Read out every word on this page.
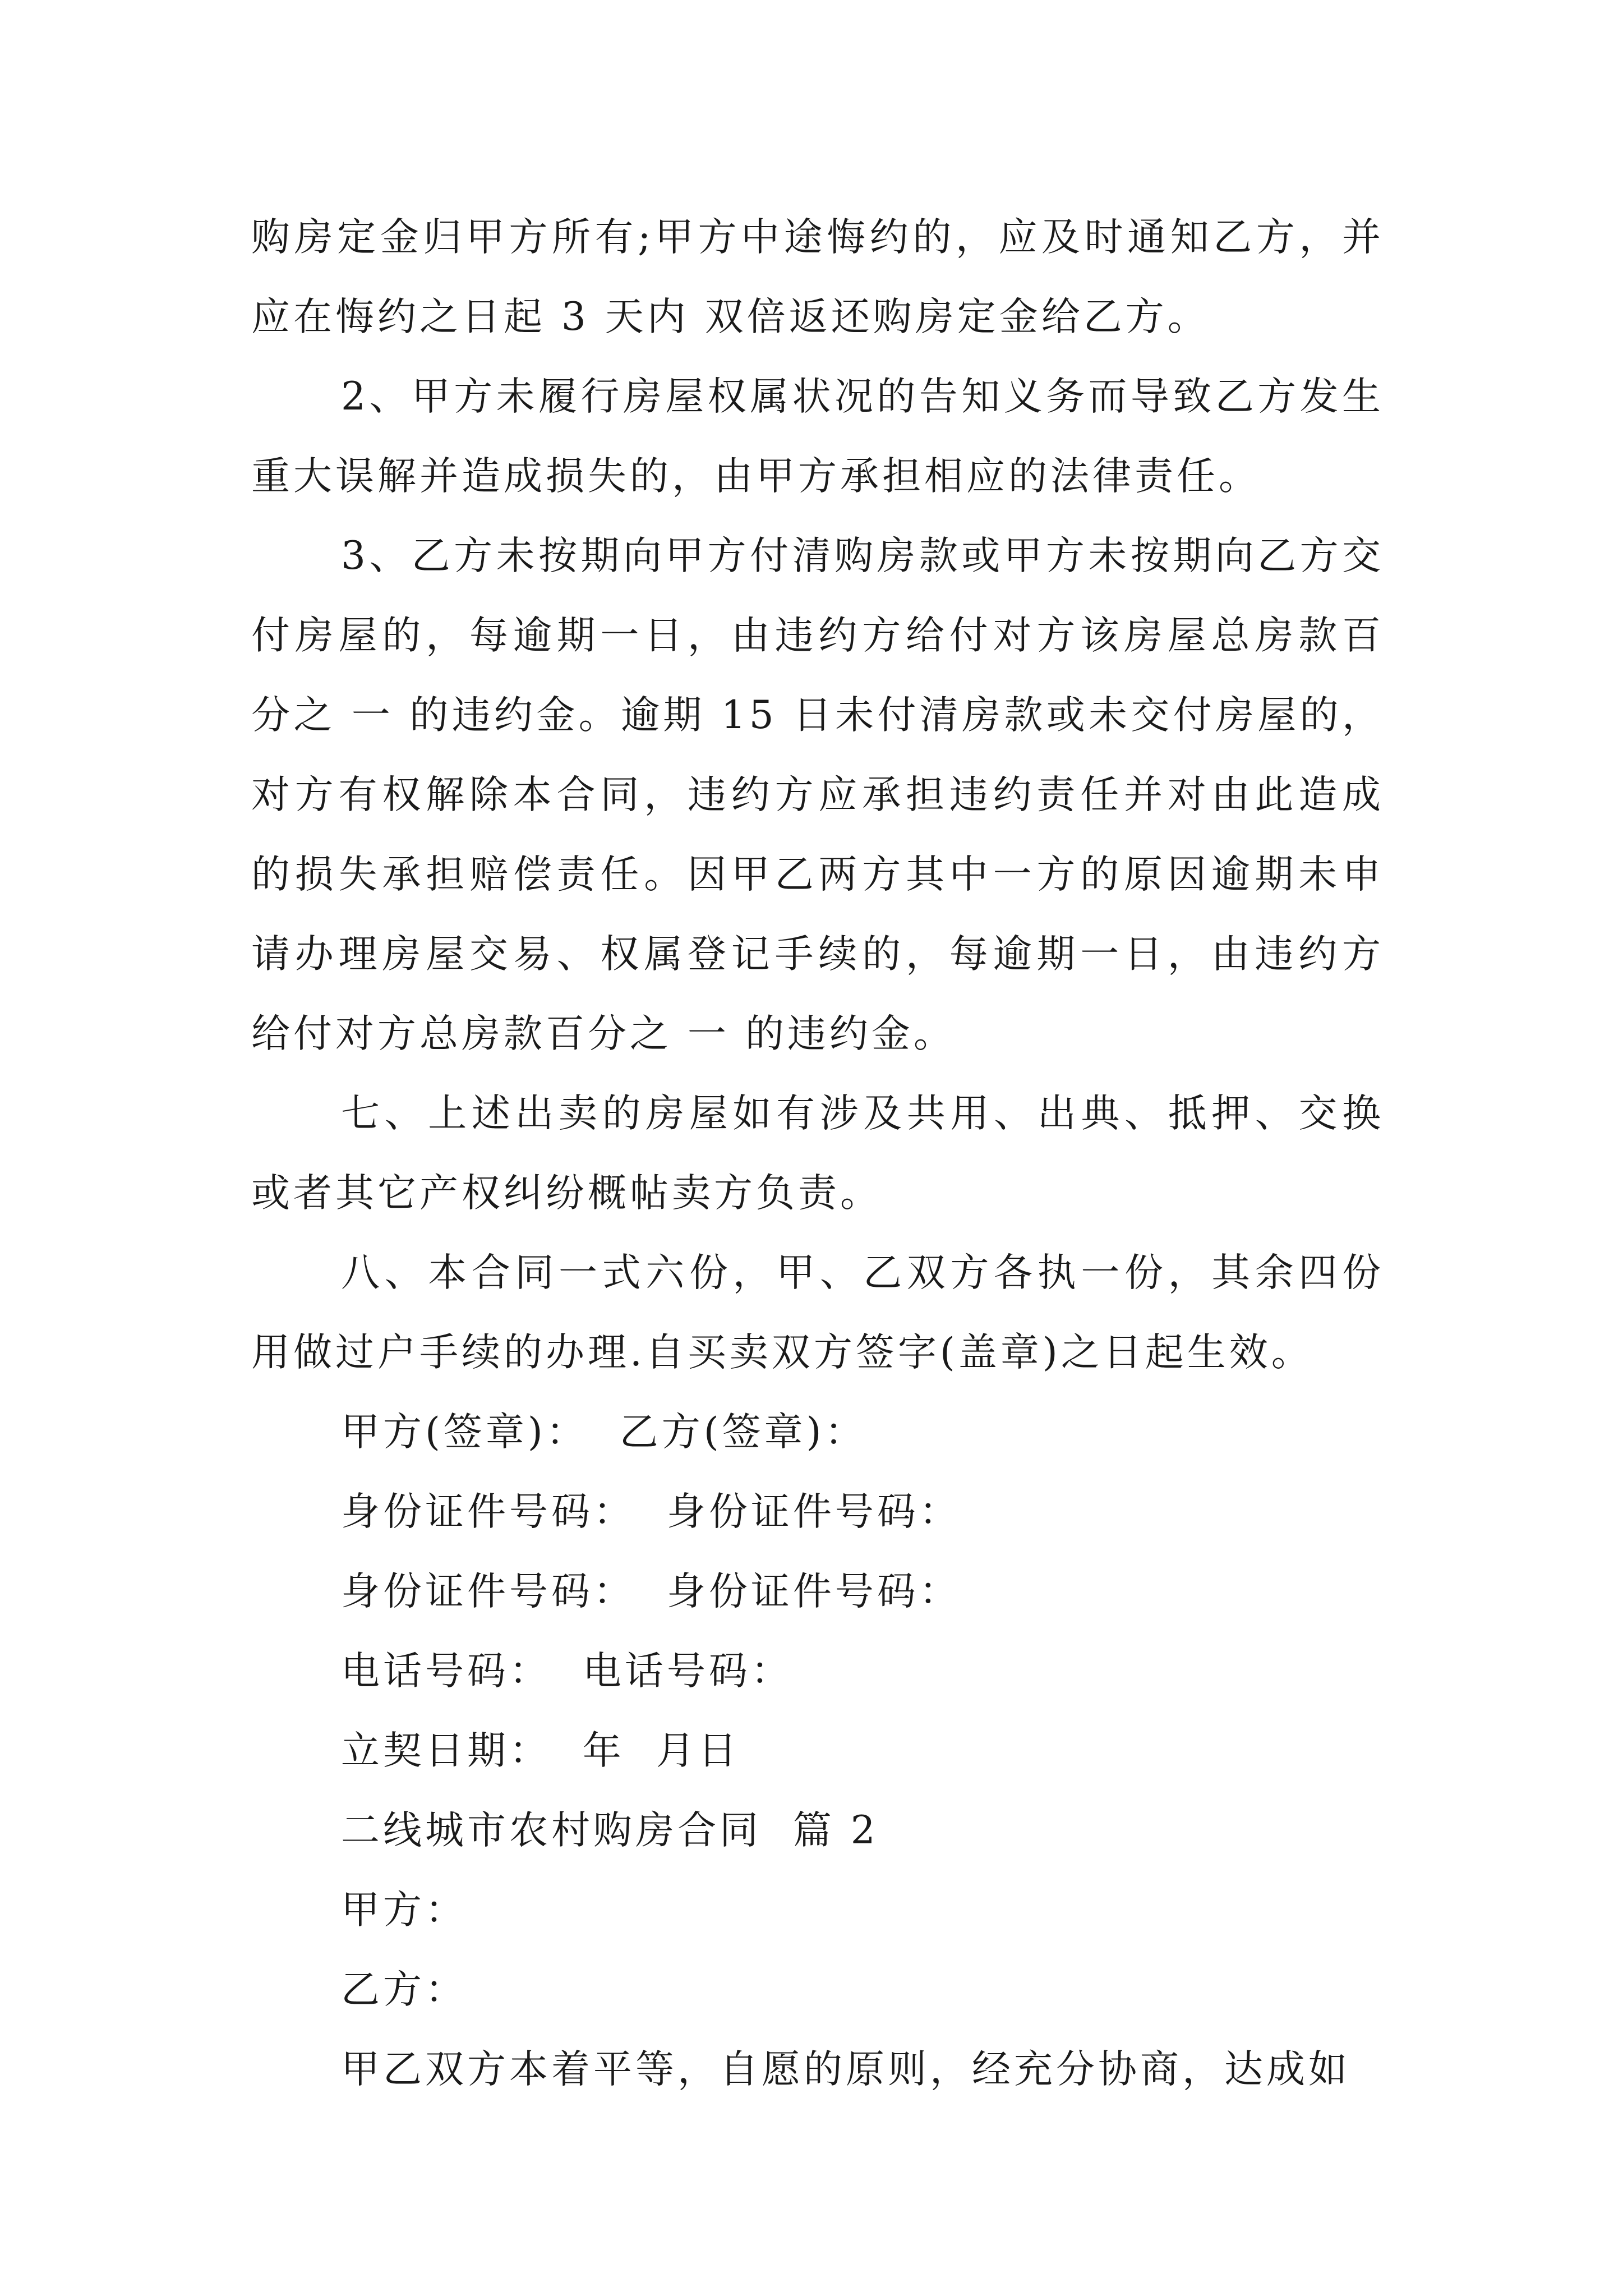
购房定金归甲方所有;甲方中途悔约的，应及时通知乙方，并应在悔约之日起 3 天内 双倍返还购房定金给乙方。

2、甲方未履行房屋权属状况的告知义务而导致乙方发生重大误解并造成损失的，由甲方承担相应的法律责任。

3、乙方未按期向甲方付清购房款或甲方未按期向乙方交付房屋的，每逾期一日，由违约方给付对方该房屋总房款百分之 一 的违约金。逾期 15 日未付清房款或未交付房屋的，对方有权解除本合同，违约方应承担违约责任并对由此造成的损失承担赔偿责任。因甲乙两方其中一方的原因逾期未申请办理房屋交易、权属登记手续的，每逾期一日，由违约方给付对方总房款百分之 一 的违约金。

七、上述出卖的房屋如有涉及共用、出典、抵押、交换或者其它产权纠纷概帖卖方负责。

八、本合同一式六份，甲、乙双方各执一份，其余四份用做过户手续的办理.自买卖双方签字(盖章)之日起生效。

甲方(签章)：  乙方(签章)：
身份证件号码：  身份证件号码：
身份证件号码：  身份证件号码：
电话号码：  电话号码：
立契日期：  年  月日
二线城市农村购房合同  篇 2
甲方：
乙方：

甲乙双方本着平等，自愿的原则，经充分协商，达成如
